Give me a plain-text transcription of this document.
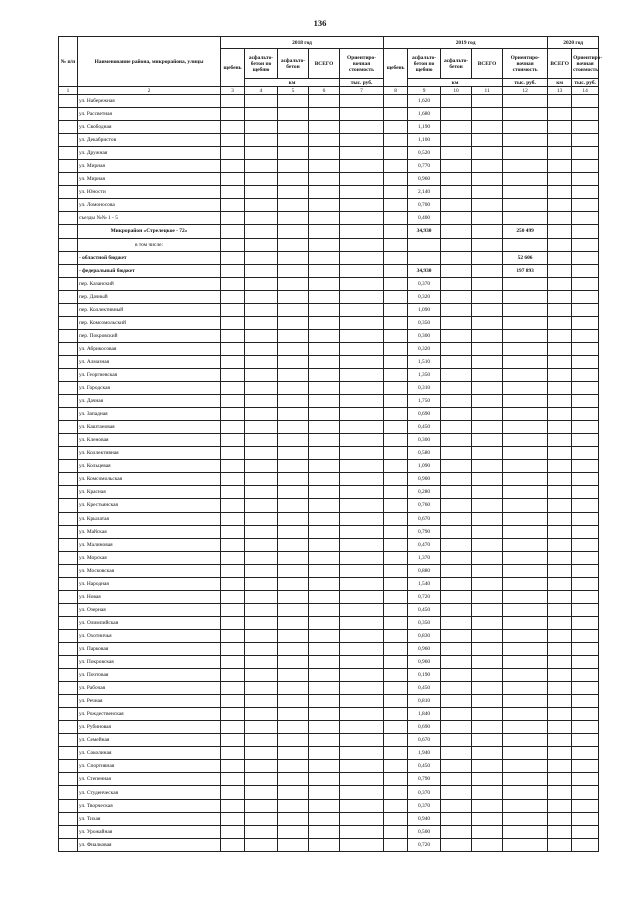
136
№ п/п	Наименование района, микрорайона, улицы	2018 год					2019 год					2020 год	
		щебень	асфальто-бетон по щебню	асфальто-бетон	ВСЕГО	Ориентиро-вочная стоимость	щебень	асфальто-бетон по щебню	асфальто-бетон	ВСЕГО	Ориентиро-вочная стоимость	ВСЕГО	Ориентиро-вочная стоимость
			км			тыс. руб.		км			тыс. руб.	км	тыс. руб.
1	2	3	4	5	6	7	8	9	10	11	12	13	14
	ул. Набережная							1,620					
	ул. Рассветная							1,680					
	ул. Свободная							1,190					
	ул. Декабристов							1,100					
	ул. Дружная							0,520					
	ул. Мирная							0,770					
	ул. Мирная							0,960					
	ул. Юности							2,140					
	ул. Ломоносова							0,700					
	съезды №№ 1 - 5							0,400					
	Микрорайон «Стрелецкое - 72»							34,930			250 499		
	в том числе:												
	- областной бюджет										52 606		
	- федеральный бюджет							34,930			197 893		
	пер. Казанский							0,370					
	пер. Дачный							0,320					
	пер. Коллективный							1,090					
	пер. Комсомольский							0,350					
	пер. Покровский							0,300					
	ул. Абрикосовая							0,320					
	ул. Алмазная							1,510					
	ул. Георгиевская							1,350					
	ул. Городская							0,310					
	ул. Дачная							1,750					
	ул. Западная							0,690					
	ул. Каштановая							0,450					
	ул. Кленовая							0,300					
	ул. Коллективная							0,580					
	ул. Кольцевая							1,090					
	ул. Комсомольская							0,900					
	ул. Красная							0,280					
	ул. Крестьянская							0,760					
	ул. Крылатая							0,670					
	ул. Майская							0,790					
	ул. Малиновая							0,470					
	ул. Морская							1,370					
	ул. Московская							0,880					
	ул. Народная							1,540					
	ул. Новая							0,720					
	ул. Озерная							0,450					
	ул. Олимпийская							0,350					
	ул. Охотничья							0,830					
	ул. Парковая							0,960					
	ул. Покровская							0,960					
	ул. Почтовая							0,190					
	ул. Рабочая							0,450					
	ул. Речная							0,810					
	ул. Рождественская							1,840					
	ул. Рубиновая							0,690					
	ул. Семейная							0,670					
	ул. Соколиная							1,940					
	ул. Спортивная							0,450					
	ул. Степенная							0,790					
	ул. Студенческая							0,370					
	ул. Творческая							0,370					
	ул. Тихая							0,940					
	ул. Урожайная							0,500					
	ул. Фиалковая							0,720					
